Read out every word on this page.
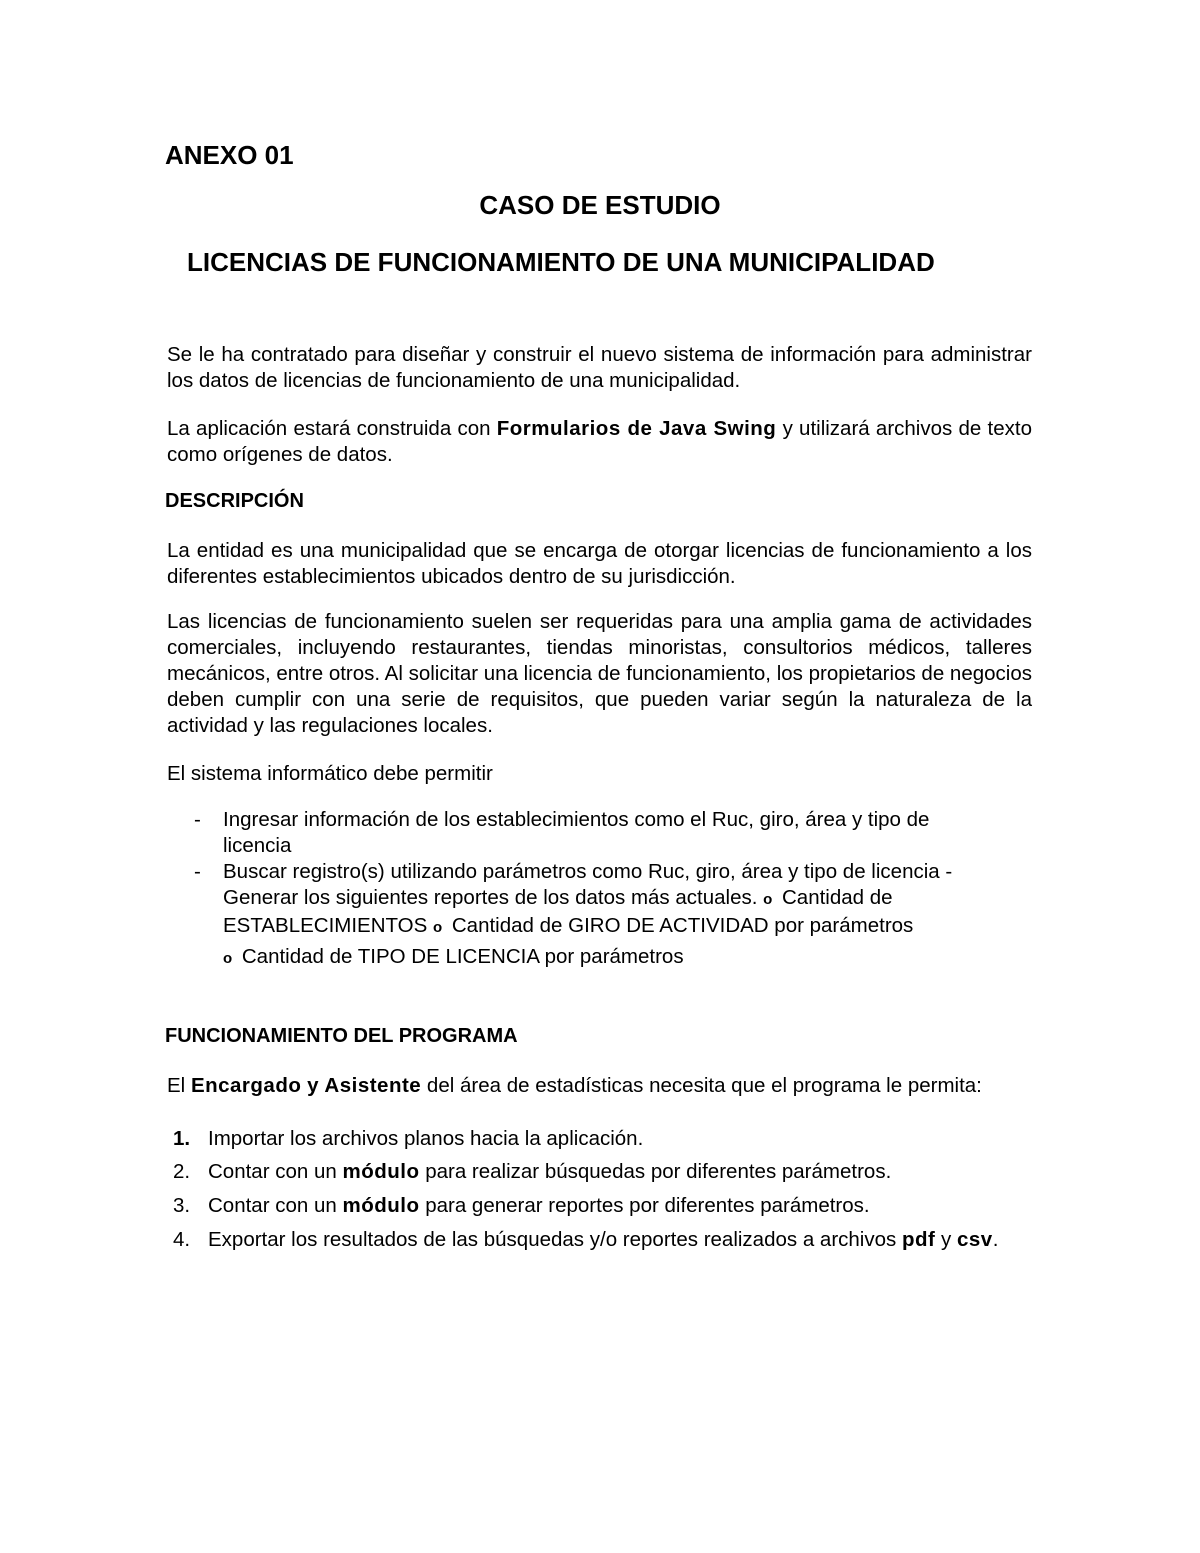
ANEXO 01
CASO DE ESTUDIO
LICENCIAS DE FUNCIONAMIENTO DE UNA MUNICIPALIDAD

Se le ha contratado para diseñar y construir el nuevo sistema de información para administrar los datos de licencias de funcionamiento de una municipalidad.

La aplicación estará construida con Formularios de Java Swing y utilizará archivos de texto como orígenes de datos.

DESCRIPCIÓN

La entidad es una municipalidad que se encarga de otorgar licencias de funcionamiento a los diferentes establecimientos ubicados dentro de su jurisdicción.

Las licencias de funcionamiento suelen ser requeridas para una amplia gama de actividades comerciales, incluyendo restaurantes, tiendas minoristas, consultorios médicos, talleres mecánicos, entre otros. Al solicitar una licencia de funcionamiento, los propietarios de negocios deben cumplir con una serie de requisitos, que pueden variar según la naturaleza de la actividad y las regulaciones locales.

El sistema informático debe permitir

- Ingresar información de los establecimientos como el Ruc, giro, área y tipo de licencia
- Buscar registro(s) utilizando parámetros como Ruc, giro, área y tipo de licencia - Generar los siguientes reportes de los datos más actuales. o Cantidad de ESTABLECIMIENTOS o Cantidad de GIRO DE ACTIVIDAD por parámetros

o Cantidad de TIPO DE LICENCIA por parámetros

FUNCIONAMIENTO DEL PROGRAMA

El Encargado y Asistente del área de estadísticas necesita que el programa le permita:

1. Importar los archivos planos hacia la aplicación.
2. Contar con un módulo para realizar búsquedas por diferentes parámetros.
3. Contar con un módulo para generar reportes por diferentes parámetros.
4. Exportar los resultados de las búsquedas y/o reportes realizados a archivos pdf y csv.
